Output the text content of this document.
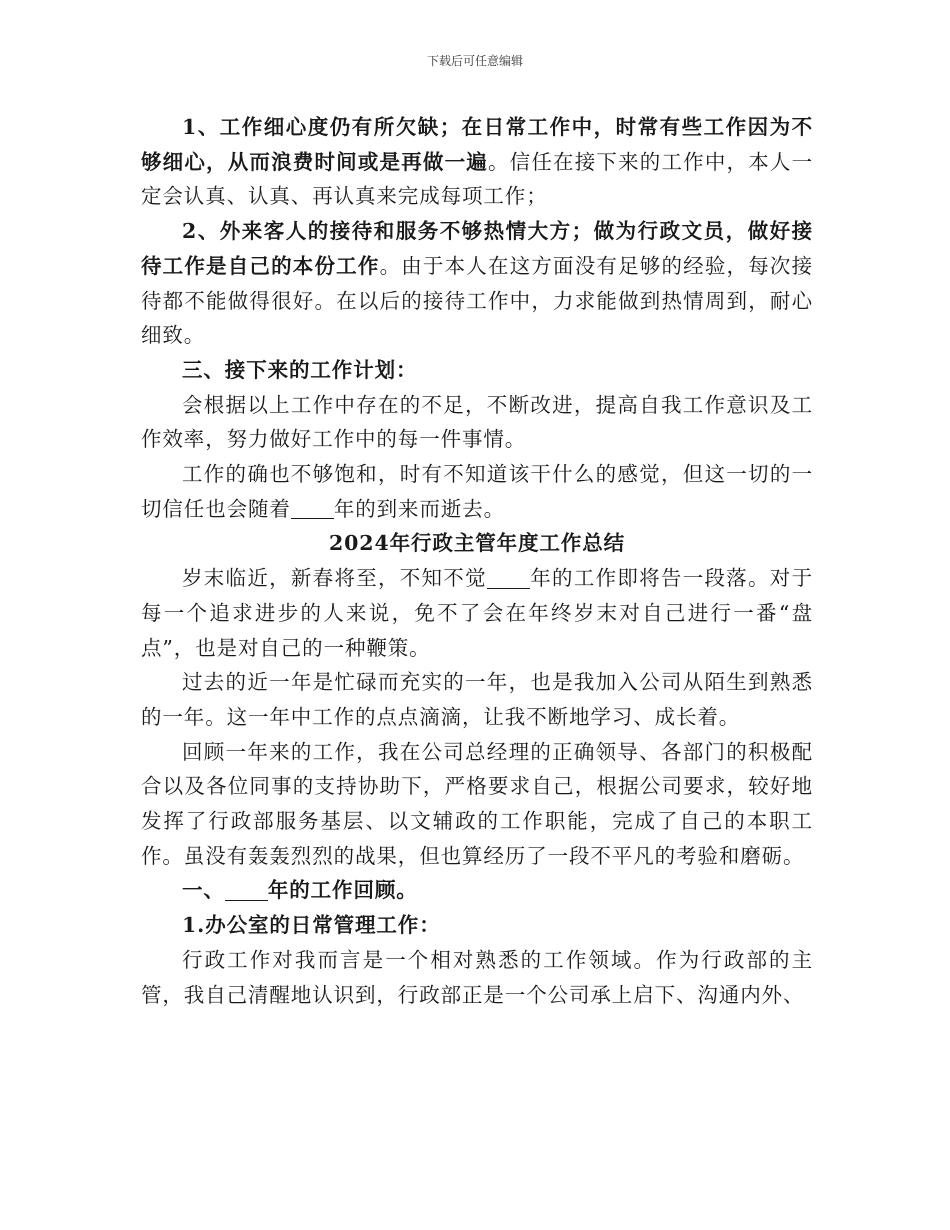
下载后可任意编辑

1、工作细心度仍有所欠缺；在日常工作中，时常有些工作因为不够细心，从而浪费时间或是再做一遍。信任在接下来的工作中，本人一定会认真、认真、再认真来完成每项工作；

2、外来客人的接待和服务不够热情大方；做为行政文员，做好接待工作是自己的本份工作。由于本人在这方面没有足够的经验，每次接待都不能做得很好。在以后的接待工作中，力求能做到热情周到，耐心细致。

三、接下来的工作计划：

会根据以上工作中存在的不足，不断改进，提高自我工作意识及工作效率，努力做好工作中的每一件事情。

工作的确也不够饱和，时有不知道该干什么的感觉，但这一切的一切信任也会随着 年的到来而逝去。

2024年行政主管年度工作总结

岁末临近，新春将至，不知不觉 年的工作即将告一段落。对于每一个追求进步的人来说，免不了会在年终岁末对自己进行一番“盘点”，也是对自己的一种鞭策。

过去的近一年是忙碌而充实的一年，也是我加入公司从陌生到熟悉的一年。这一年中工作的点点滴滴，让我不断地学习、成长着。

回顾一年来的工作，我在公司总经理的正确领导、各部门的积极配合以及各位同事的支持协助下，严格要求自己，根据公司要求，较好地发挥了行政部服务基层、以文辅政的工作职能，完成了自己的本职工作。虽没有轰轰烈烈的战果，但也算经历了一段不平凡的考验和磨砺。

一、 年的工作回顾。

1.办公室的日常管理工作：

行政工作对我而言是一个相对熟悉的工作领域。作为行政部的主管，我自己清醒地认识到，行政部正是一个公司承上启下、沟通内外、
